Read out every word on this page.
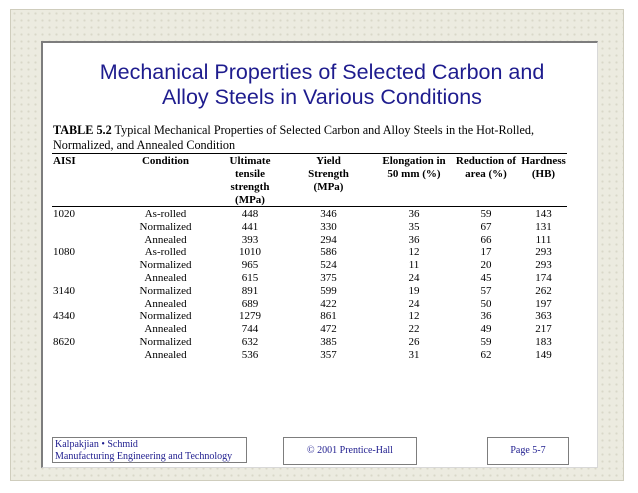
Mechanical Properties of Selected Carbon and
Alloy Steels in Various Conditions
TABLE 5.2 Typical Mechanical Properties of Selected Carbon and Alloy Steels in the Hot-Rolled, Normalized, and Annealed Condition
AISI	Condition	Ultimate
tensile
strength
(MPa)	Yield
Strength
(MPa)	Elongation in
50 mm (%)	Reduction of
area (%)	Hardness
(HB)
1020	As-rolled	448	346	36	59	143
	Normalized	441	330	35	67	131
	Annealed	393	294	36	66	111
1080	As-rolled	1010	586	12	17	293
	Normalized	965	524	11	20	293
	Annealed	615	375	24	45	174
3140	Normalized	891	599	19	57	262
	Annealed	689	422	24	50	197
4340	Normalized	1279	861	12	36	363
	Annealed	744	472	22	49	217
8620	Normalized	632	385	26	59	183
	Annealed	536	357	31	62	149
Kalpakjian • Schmid
Manufacturing Engineering and Technology	© 2001 Prentice-Hall	Page 5-7
